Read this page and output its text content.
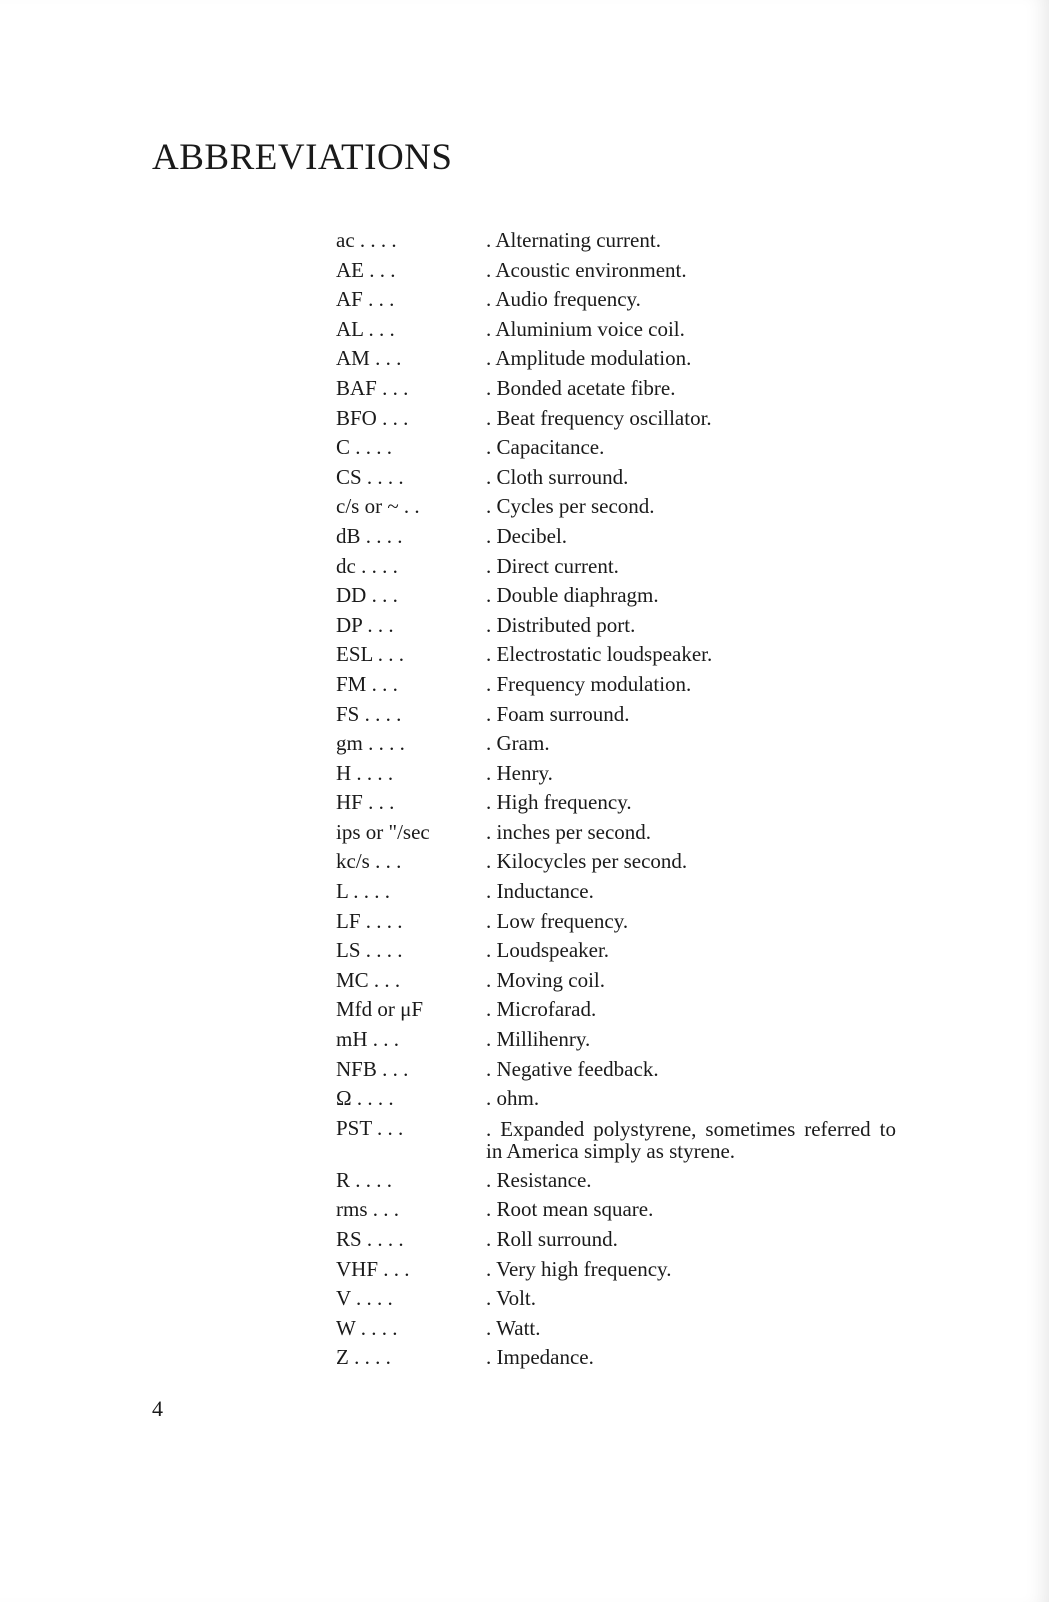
ABBREVIATIONS
ac . . . .	. Alternating current.
AE . . .	. Acoustic environment.
AF . . .	. Audio frequency.
AL . . .	. Aluminium voice coil.
AM . . .	. Amplitude modulation.
BAF . . .	. Bonded acetate fibre.
BFO . . .	. Beat frequency oscillator.
C . . . .	. Capacitance.
CS . . . .	. Cloth surround.
c/s or ~ . .	. Cycles per second.
dB . . . .	. Decibel.
dc . . . .	. Direct current.
DD . . .	. Double diaphragm.
DP . . .	. Distributed port.
ESL . . .	. Electrostatic loudspeaker.
FM . . .	. Frequency modulation.
FS . . . .	. Foam surround.
gm . . . .	. Gram.
H . . . .	. Henry.
HF . . .	. High frequency.
ips or "/sec	. inches per second.
kc/s . . .	. Kilocycles per second.
L . . . .	. Inductance.
LF . . . .	. Low frequency.
LS . . . .	. Loudspeaker.
MC . . .	. Moving coil.
Mfd or μF	. Microfarad.
mH . . .	. Millihenry.
NFB . . .	. Negative feedback.
Ω . . . .	. ohm.
PST . . .	. Expanded polystyrene, sometimes referred to in America simply as styrene.
R . . . .	. Resistance.
rms . . .	. Root mean square.
RS . . . .	. Roll surround.
VHF . . .	. Very high frequency.
V . . . .	. Volt.
W . . . .	. Watt.
Z . . . .	. Impedance.
4
